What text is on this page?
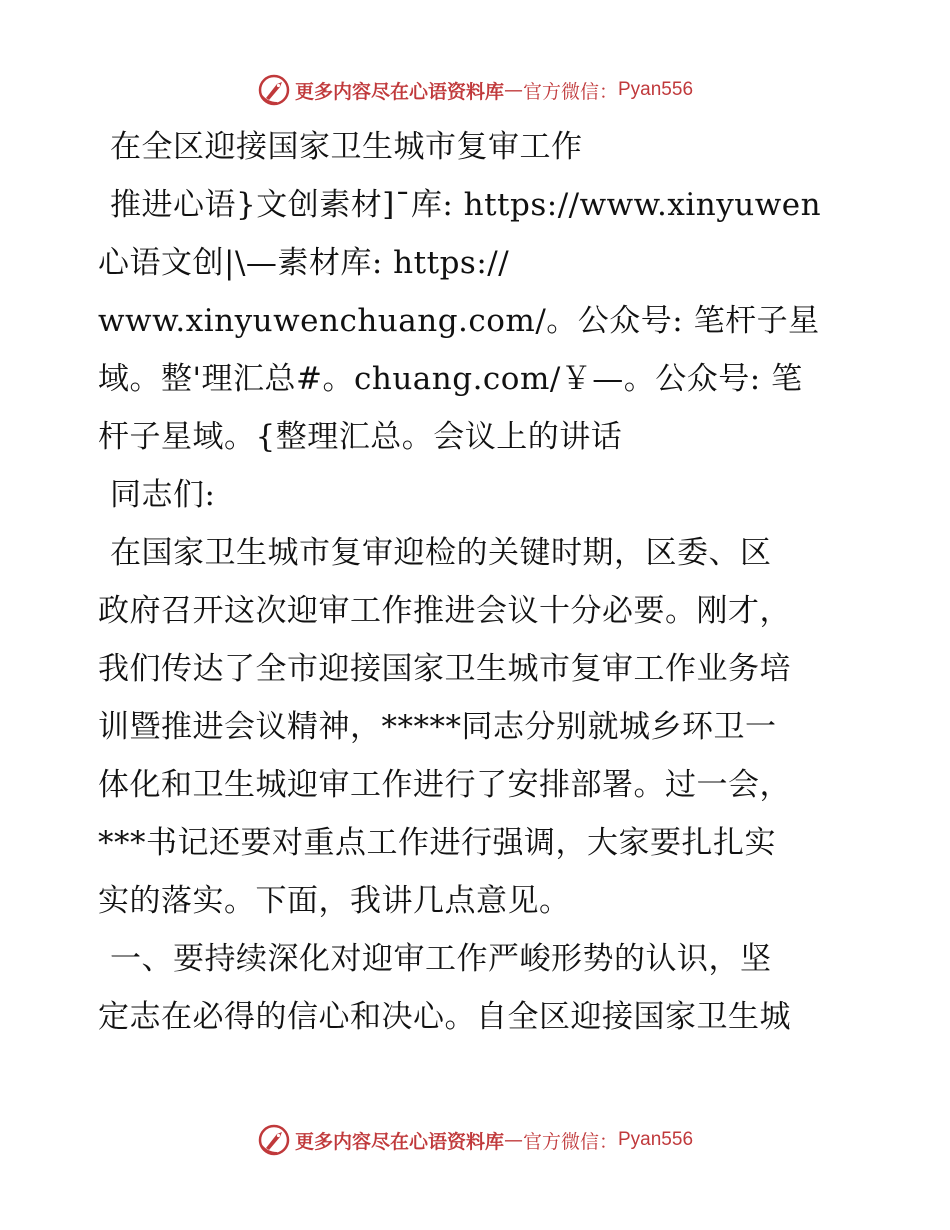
更多内容尽在心语资料库 — 官方微信： Pyan556
在全区迎接国家卫生城市复审工作
推进心语}文创素材]¯库: https://www.xinyuwen
心语文创|\—素材库: https://
www.xinyuwenchuang.com/。公众号: 笔杆子星
域。整'理汇总#。chuang.com/￥—。公众号: 笔
杆子星域。{整理汇总。会议上的讲话
同志们:
在国家卫生城市复审迎检的关键时期，区委、区
政府召开这次迎审工作推进会议十分必要。刚才，
我们传达了全市迎接国家卫生城市复审工作业务培
训暨推进会议精神，*****同志分别就城乡环卫一
体化和卫生城迎审工作进行了安排部署。过一会，
***书记还要对重点工作进行强调，大家要扎扎实
实的落实。下面，我讲几点意见。
一、要持续深化对迎审工作严峻形势的认识，坚
定志在必得的信心和决心。自全区迎接国家卫生城
更多内容尽在心语资料库 — 官方微信： Pyan556
